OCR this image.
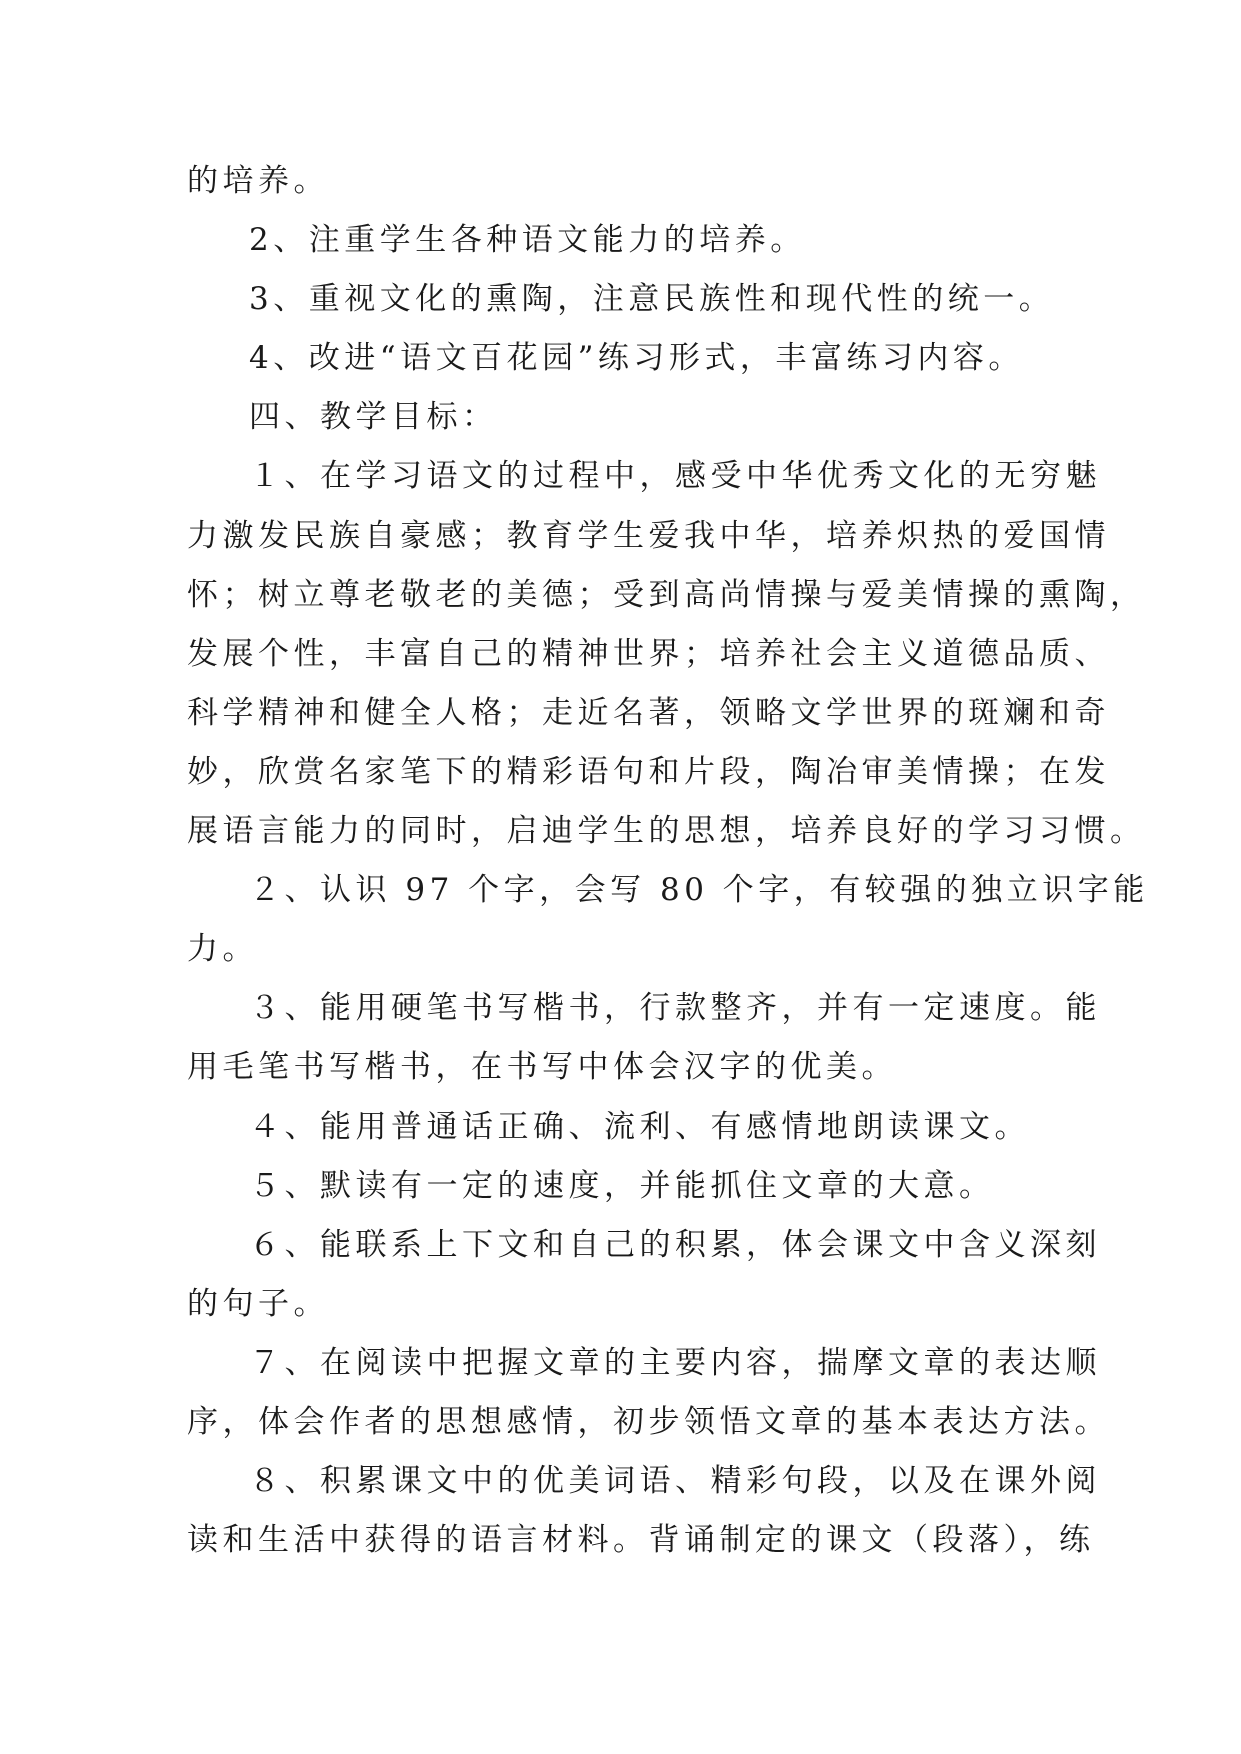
的培养。
2、注重学生各种语文能力的培养。
3、重视文化的熏陶，注意民族性和现代性的统一。
4、改进“语文百花园”练习形式，丰富练习内容。
四、教学目标：
１、在学习语文的过程中，感受中华优秀文化的无穷魅
力激发民族自豪感；教育学生爱我中华，培养炽热的爱国情
怀；树立尊老敬老的美德；受到高尚情操与爱美情操的熏陶，
发展个性，丰富自己的精神世界；培养社会主义道德品质、
科学精神和健全人格；走近名著，领略文学世界的斑斓和奇
妙，欣赏名家笔下的精彩语句和片段，陶冶审美情操；在发
展语言能力的同时，启迪学生的思想，培养良好的学习习惯。
２、认识 97 个字，会写 80 个字，有较强的独立识字能
力。
３、能用硬笔书写楷书，行款整齐，并有一定速度。能
用毛笔书写楷书，在书写中体会汉字的优美。
４、能用普通话正确、流利、有感情地朗读课文。
５、默读有一定的速度，并能抓住文章的大意。
６、能联系上下文和自己的积累，体会课文中含义深刻
的句子。
７、在阅读中把握文章的主要内容，揣摩文章的表达顺
序，体会作者的思想感情，初步领悟文章的基本表达方法。
８、积累课文中的优美词语、精彩句段，以及在课外阅
读和生活中获得的语言材料。背诵制定的课文（段落），练
